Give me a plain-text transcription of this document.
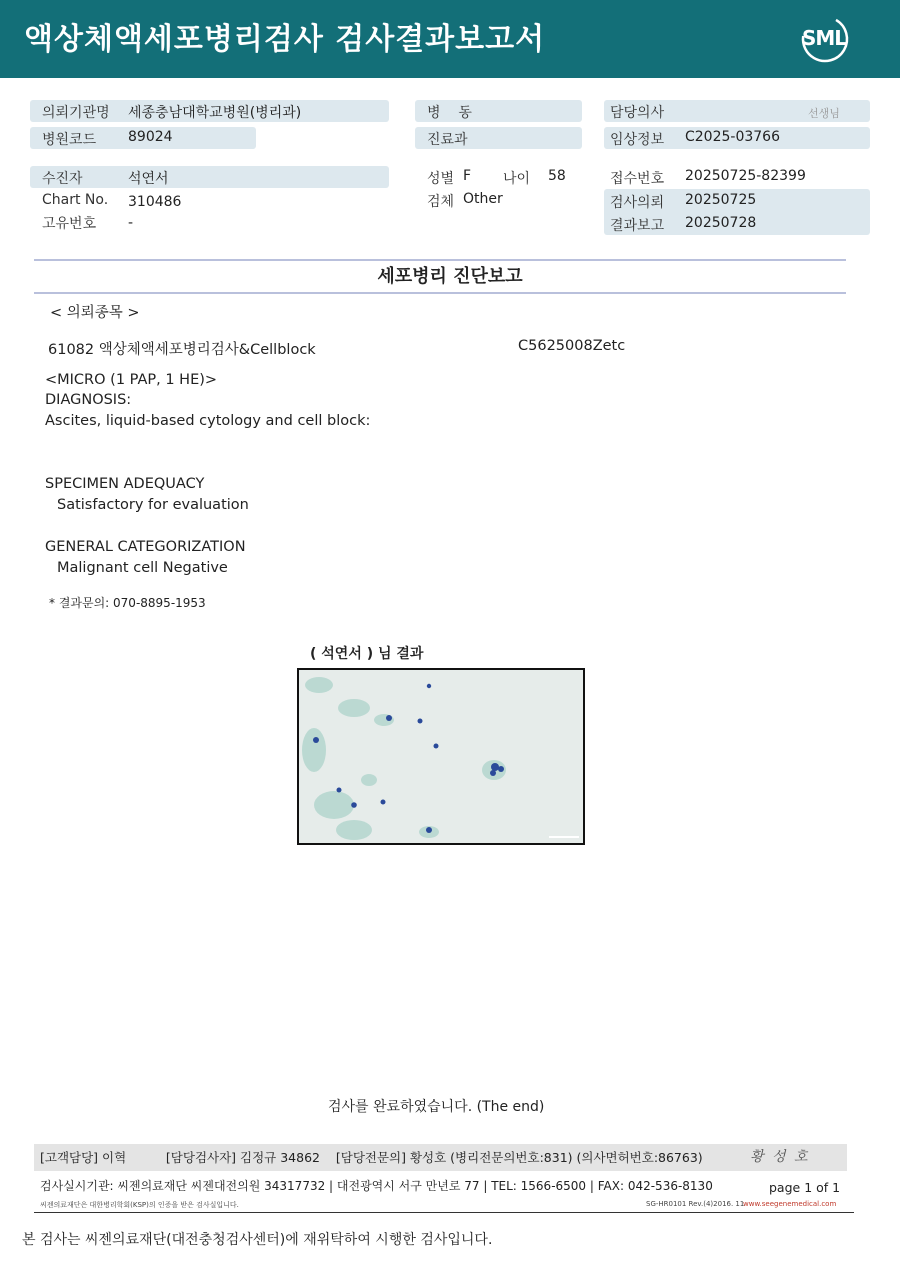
액상체액세포병리검사 검사결과보고서	SML
의뢰기관명 세종충남대학교병원(병리과)
병원코드 89024
수진자	석연서
Chart No. 310486
고유번호 -
병    동
진료과
성별 F 나이 58
검체 Other
담당의사	선생님
임상정보 C2025-03766
접수번호 20250725-82399
검사의뢰 20250725
결과보고 20250728
세포병리 진단보고
< 의뢰종목 >
61082 액상체액세포병리검사&Cellblock	C5625008Zetc
<MICRO (1 PAP, 1 HE)>
DIAGNOSIS:
Ascites, liquid-based cytology and cell block:
SPECIMEN ADEQUACY
Satisfactory for evaluation
GENERAL CATEGORIZATION
Malignant cell Negative
* 결과문의: 070-8895-1953
( 석연서 ) 님 결과
검사를 완료하였습니다. (The end)
[고객담당] 이혁          [담당검사자] 김정규 34862    [담당전문의] 황성호 (병리전문의번호:831) (의사면허번호:86763)	황 성 호
검사실시기관: 씨젠의료재단 씨젠대전의원 34317732 | 대전광역시 서구 만년로 77 | TEL: 1566-6500 | FAX: 042-536-8130	page 1 of 1
씨젠의료재단은 대한병리학회(KSP)의 인증을 받은 검사실입니다.	SG-HR0101 Rev.(4)2016. 11
www.seegenemedical.com
본 검사는 씨젠의료재단(대전충청검사센터)에 재위탁하여 시행한 검사입니다.
